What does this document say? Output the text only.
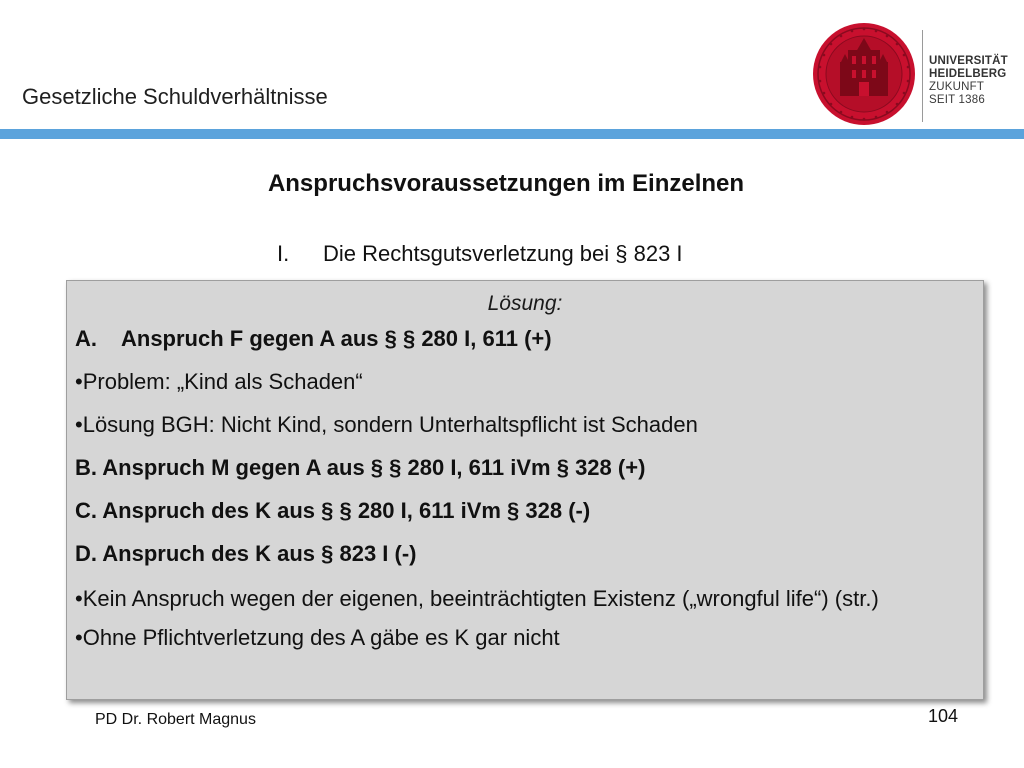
Gesetzliche Schuldverhältnisse
UNIVERSITÄT
HEIDELBERG
ZUKUNFT
SEIT 1386
Anspruchsvoraussetzungen im Einzelnen
I. Die Rechtsgutsverletzung bei § 823 I
Lösung:
A. Anspruch F gegen A aus § § 280 I, 611 (+)
•Problem: „Kind als Schaden“
•Lösung BGH: Nicht Kind, sondern Unterhaltspflicht ist Schaden
B. Anspruch M gegen A aus § § 280 I, 611 iVm § 328 (+)
C. Anspruch des K aus § § 280 I, 611 iVm § 328 (-)
D. Anspruch des K aus § 823 I (-)
•Kein Anspruch wegen der eigenen, beeinträchtigten Existenz („wrongful life“) (str.)
•Ohne Pflichtverletzung des A gäbe es K gar nicht
PD Dr. Robert Magnus	104
